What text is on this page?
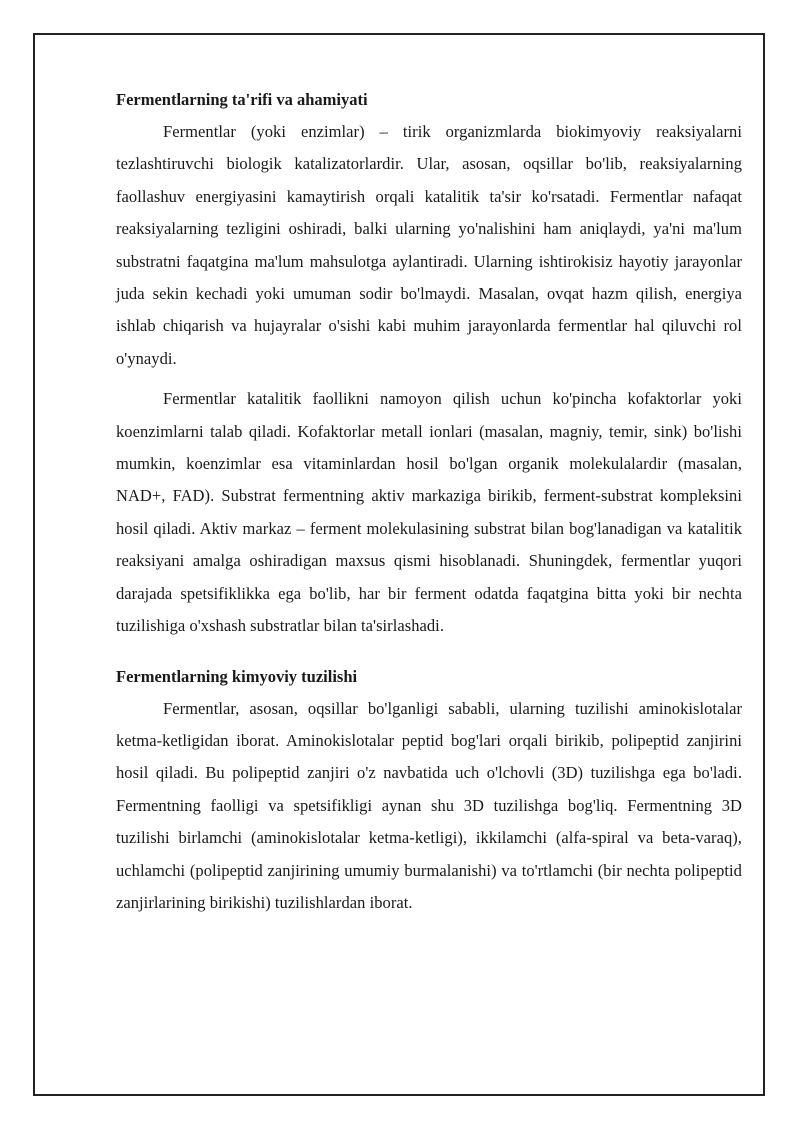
Fermentlarning ta'rifi va ahamiyati

Fermentlar (yoki enzimlar) – tirik organizmlarda biokimyoviy reaksiyalarni tezlashtiruvchi biologik katalizatorlardir. Ular, asosan, oqsillar bo'lib, reaksiyalarning faollashuv energiyasini kamaytirish orqali katalitik ta'sir ko'rsatadi. Fermentlar nafaqat reaksiyalarning tezligini oshiradi, balki ularning yo'nalishini ham aniqlaydi, ya'ni ma'lum substratni faqatgina ma'lum mahsulotga aylantiradi. Ularning ishtirokisiz hayotiy jarayonlar juda sekin kechadi yoki umuman sodir bo'lmaydi. Masalan, ovqat hazm qilish, energiya ishlab chiqarish va hujayralar o'sishi kabi muhim jarayonlarda fermentlar hal qiluvchi rol o'ynaydi.

Fermentlar katalitik faollikni namoyon qilish uchun ko'pincha kofaktorlar yoki koenzimlarni talab qiladi. Kofaktorlar metall ionlari (masalan, magniy, temir, sink) bo'lishi mumkin, koenzimlar esa vitaminlardan hosil bo'lgan organik molekulalardir (masalan, NAD+, FAD). Substrat fermentning aktiv markaziga birikib, ferment-substrat kompleksini hosil qiladi. Aktiv markaz – ferment molekulasining substrat bilan bog'lanadigan va katalitik reaksiyani amalga oshiradigan maxsus qismi hisoblanadi. Shuningdek, fermentlar yuqori darajada spetsifiklikka ega bo'lib, har bir ferment odatda faqatgina bitta yoki bir nechta tuzilishiga o'xshash substratlar bilan ta'sirlashadi.

Fermentlarning kimyoviy tuzilishi

Fermentlar, asosan, oqsillar bo'lganligi sababli, ularning tuzilishi aminokislotalar ketma-ketligidan iborat. Aminokislotalar peptid bog'lari orqali birikib, polipeptid zanjirini hosil qiladi. Bu polipeptid zanjiri o'z navbatida uch o'lchovli (3D) tuzilishga ega bo'ladi. Fermentning faolligi va spetsifikligi aynan shu 3D tuzilishga bog'liq. Fermentning 3D tuzilishi birlamchi (aminokislotalar ketma-ketligi), ikkilamchi (alfa-spiral va beta-varaq), uchlamchi (polipeptid zanjirining umumiy burmalanishi) va to'rtlamchi (bir nechta polipeptid zanjirlarining birikishi) tuzilishlardan iborat.
